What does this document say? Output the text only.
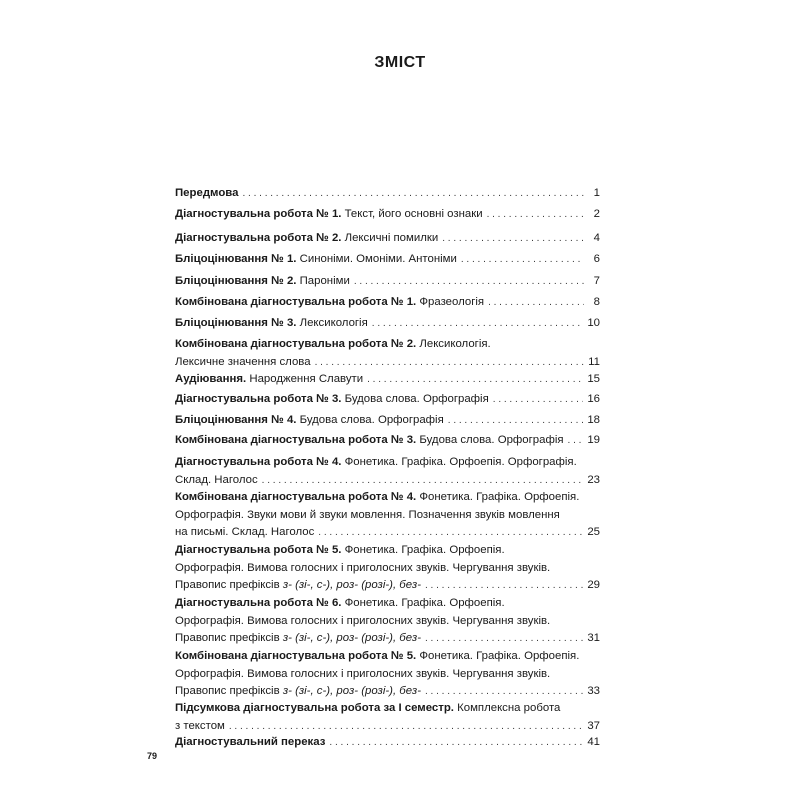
ЗМІСТ
Передмова . . .	1
Діагностувальна робота № 1. Текст, його основні ознаки . . .	2
Діагностувальна робота № 2. Лексичні помилки . . .	4
Бліцоцінювання № 1. Синоніми. Омоніми. Антоніми . . .	6
Бліцоцінювання № 2. Пароніми . . .	7
Комбінована діагностувальна робота № 1. Фразеологія . . .	8
Бліцоцінювання № 3. Лексикологія . . .	10
Комбінована діагностувальна робота № 2. Лексикологія.
Лексичне значення слова . . .	11
Аудіювання. Народження Славути . . .	15
Діагностувальна робота № 3. Будова слова. Орфографія . . .	16
Бліцоцінювання № 4. Будова слова. Орфографія . . .	18
Комбінована діагностувальна робота № 3. Будова слова. Орфографія . . . 19
Діагностувальна робота № 4. Фонетика. Графіка. Орфоепія. Орфографія.
Склад. Наголос . . .	23
Комбінована діагностувальна робота № 4. Фонетика. Графіка. Орфоепія.
Орфографія. Звуки мови й звуки мовлення. Позначення звуків мовлення
на письмі. Склад. Наголос . . .	25
Діагностувальна робота № 5. Фонетика. Графіка. Орфоепія.
Орфографія. Вимова голосних і приголосних звуків. Чергування звуків.
Правопис префіксів з- (зі-, с-), роз- (розі-), без- . . .	29
Діагностувальна робота № 6. Фонетика. Графіка. Орфоепія.
Орфографія. Вимова голосних і приголосних звуків. Чергування звуків.
Правопис префіксів з- (зі-, с-), роз- (розі-), без- . . .	31
Комбінована діагностувальна робота № 5. Фонетика. Графіка. Орфоепія.
Орфографія. Вимова голосних і приголосних звуків. Чергування звуків.
Правопис префіксів з- (зі-, с-), роз- (розі-), без- . . .	33
Підсумкова діагностувальна робота за І семестр. Комплексна робота
з текстом . . .	37
Діагностувальний переказ . . .	41
79
